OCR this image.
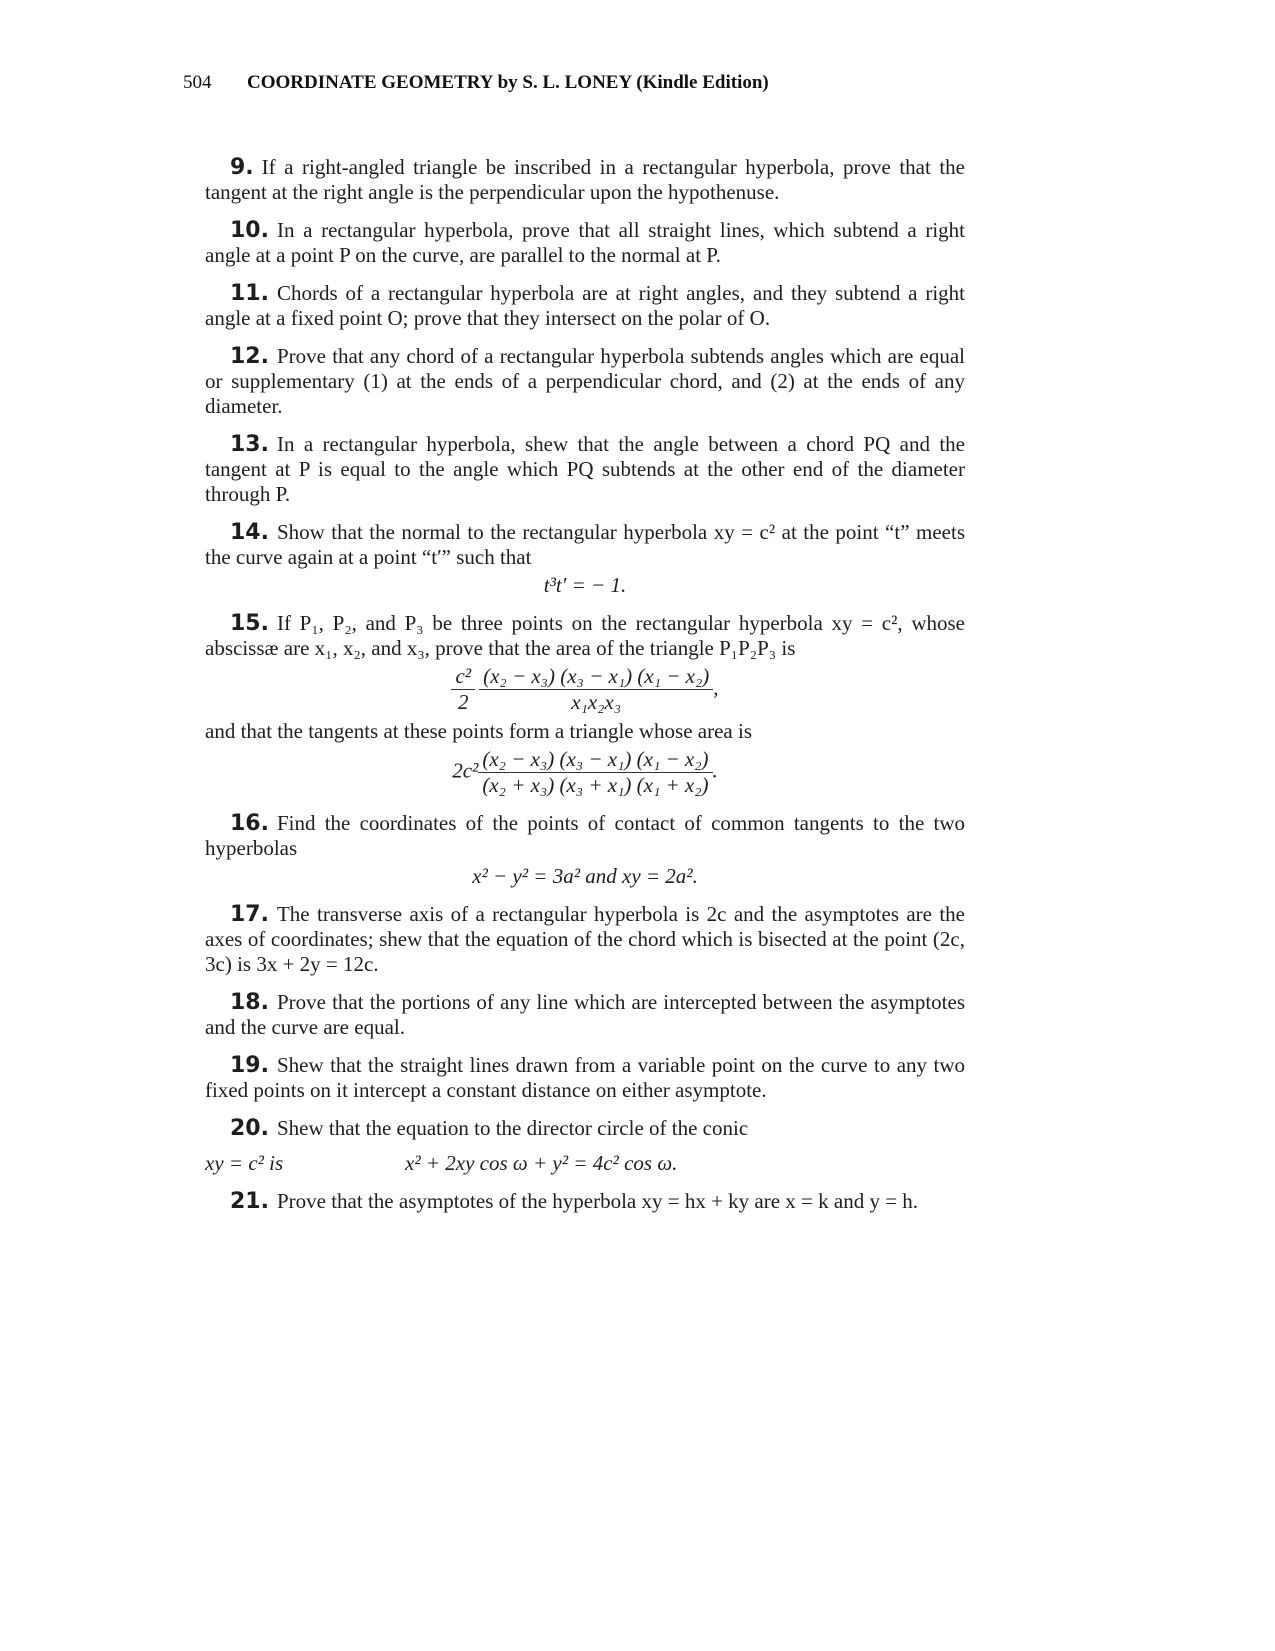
504 COORDINATE GEOMETRY by S. L. LONEY (Kindle Edition)

9. If a right-angled triangle be inscribed in a rectangular hyperbola, prove that the tangent at the right angle is the perpendicular upon the hypothenuse.

10. In a rectangular hyperbola, prove that all straight lines, which subtend a right angle at a point P on the curve, are parallel to the normal at P.

11. Chords of a rectangular hyperbola are at right angles, and they subtend a right angle at a fixed point O; prove that they intersect on the polar of O.

12. Prove that any chord of a rectangular hyperbola subtends angles which are equal or supplementary (1) at the ends of a perpendicular chord, and (2) at the ends of any diameter.

13. In a rectangular hyperbola, shew that the angle between a chord PQ and the tangent at P is equal to the angle which PQ subtends at the other end of the diameter through P.

14. Show that the normal to the rectangular hyperbola xy = c² at the point “t” meets the curve again at a point “t′” such that
t³t′ = − 1.
15. If P₁, P₂, and P₃ be three points on the rectangular hyperbola xy = c², whose abscissæ are x₁, x₂, and x₃, prove that the area of the triangle P₁P₂P₃ is
$\frac{\text{c²}}{2} \frac{\text{(x₂ − x₃) (x₃ − x₁) (x₁ − x₂)}}{\text{x₁x₂x₃}}$ ,
and that the tangents at these points form a triangle whose area is
$2c^2 \frac{\text{(x₂ − x₃) (x₃ − x₁) (x₁ − x₂)}}{\text{(x₂ + x₃) (x₃ + x₁) (x₁ + x₂)}}$ .
16. Find the coordinates of the points of contact of common tangents to the two hyperbolas
x² − y² = 3a² and xy = 2a².

17. The transverse axis of a rectangular hyperbola is 2c and the asymptotes are the axes of coordinates; shew that the equation of the chord which is bisected at the point (2c, 3c) is 3x + 2y = 12c.

18. Prove that the portions of any line which are intercepted between the asymptotes and the curve are equal.

19. Shew that the straight lines drawn from a variable point on the curve to any two fixed points on it intercept a constant distance on either asymptote.

20. Shew that the equation to the director circle of the conic
xy = c² is	x² + 2xy cos ω + y² = 4c² cos ω.

21. Prove that the asymptotes of the hyperbola xy = hx + ky are x = k and y = h.
